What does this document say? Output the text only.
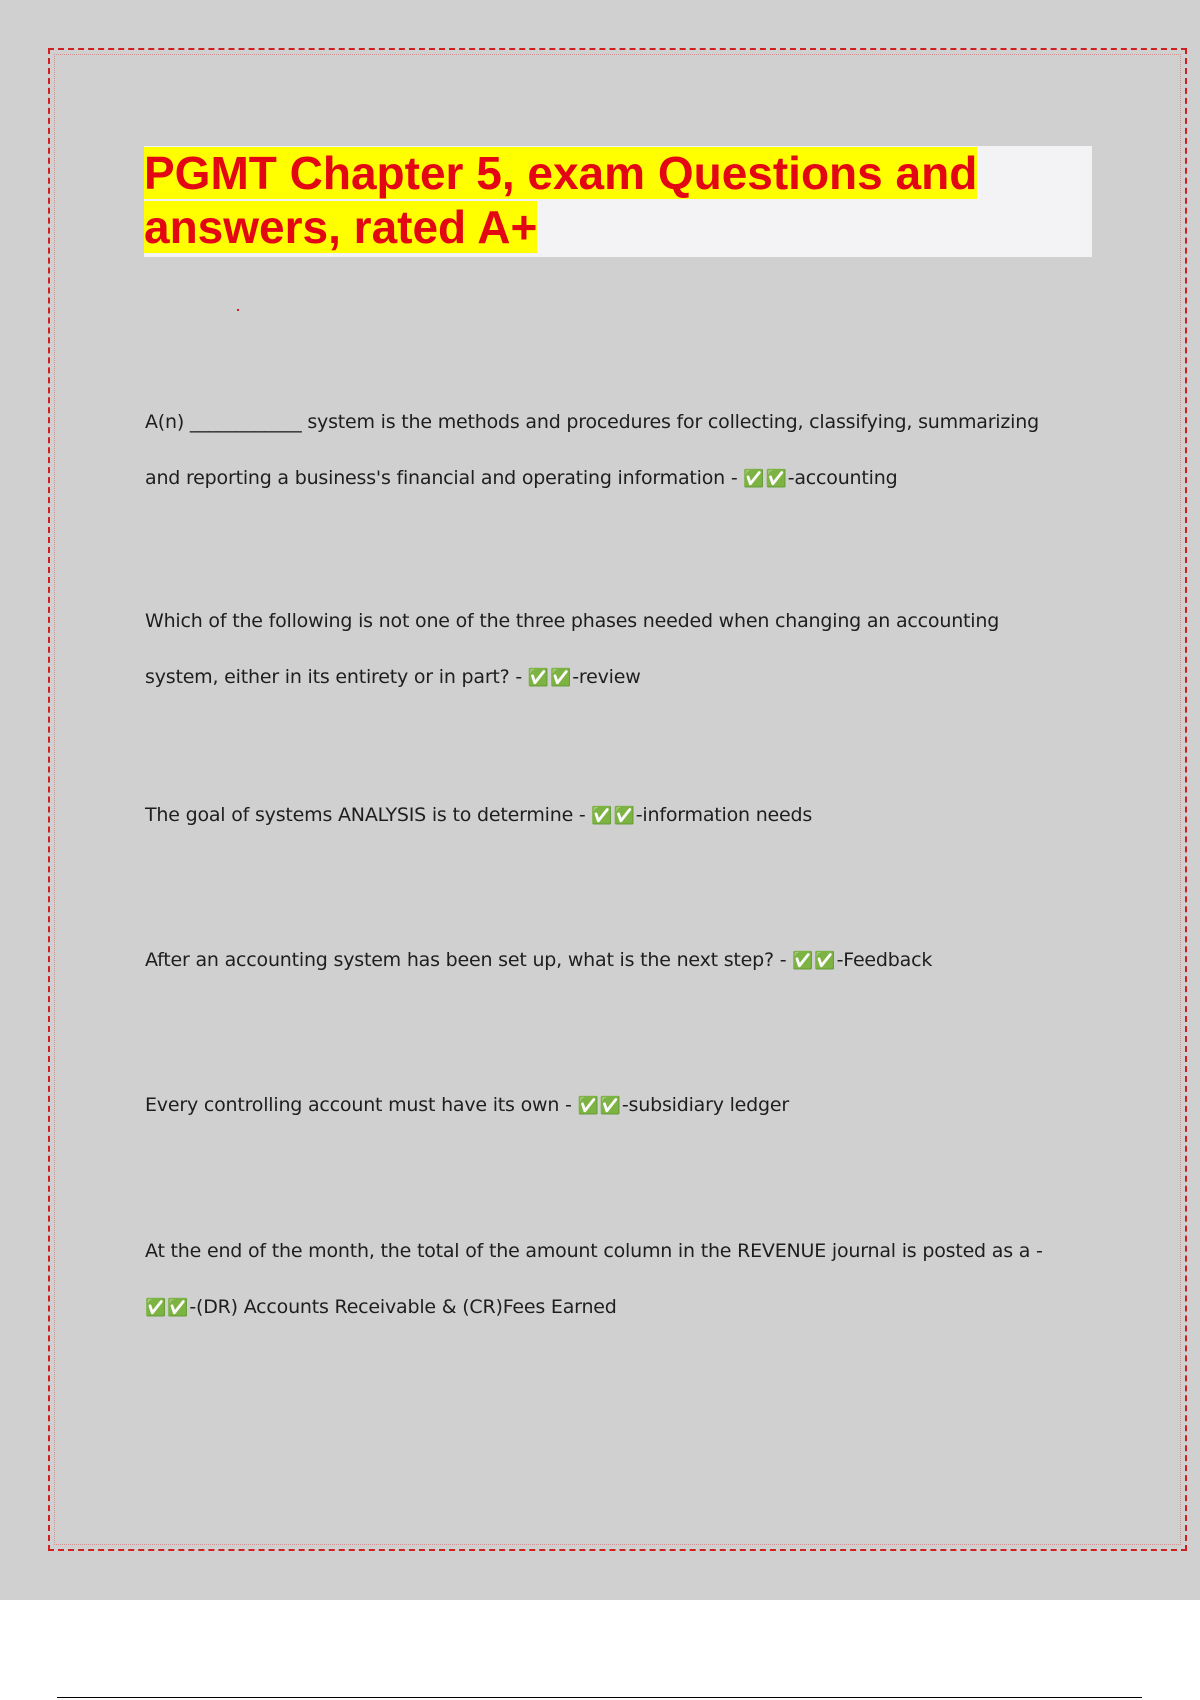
PGMT Chapter 5, exam Questions and
answers, rated A+
A(n) ____________ system is the methods and procedures for collecting, classifying, summarizing and reporting a business's financial and operating information - ✅✅-accounting
Which of the following is not one of the three phases needed when changing an accounting system, either in its entirety or in part? - ✅✅-review
The goal of systems ANALYSIS is to determine - ✅✅-information needs
After an accounting system has been set up, what is the next step? - ✅✅-Feedback
Every controlling account must have its own - ✅✅-subsidiary ledger
At the end of the month, the total of the amount column in the REVENUE journal is posted as a - ✅✅-(DR) Accounts Receivable & (CR)Fees Earned
